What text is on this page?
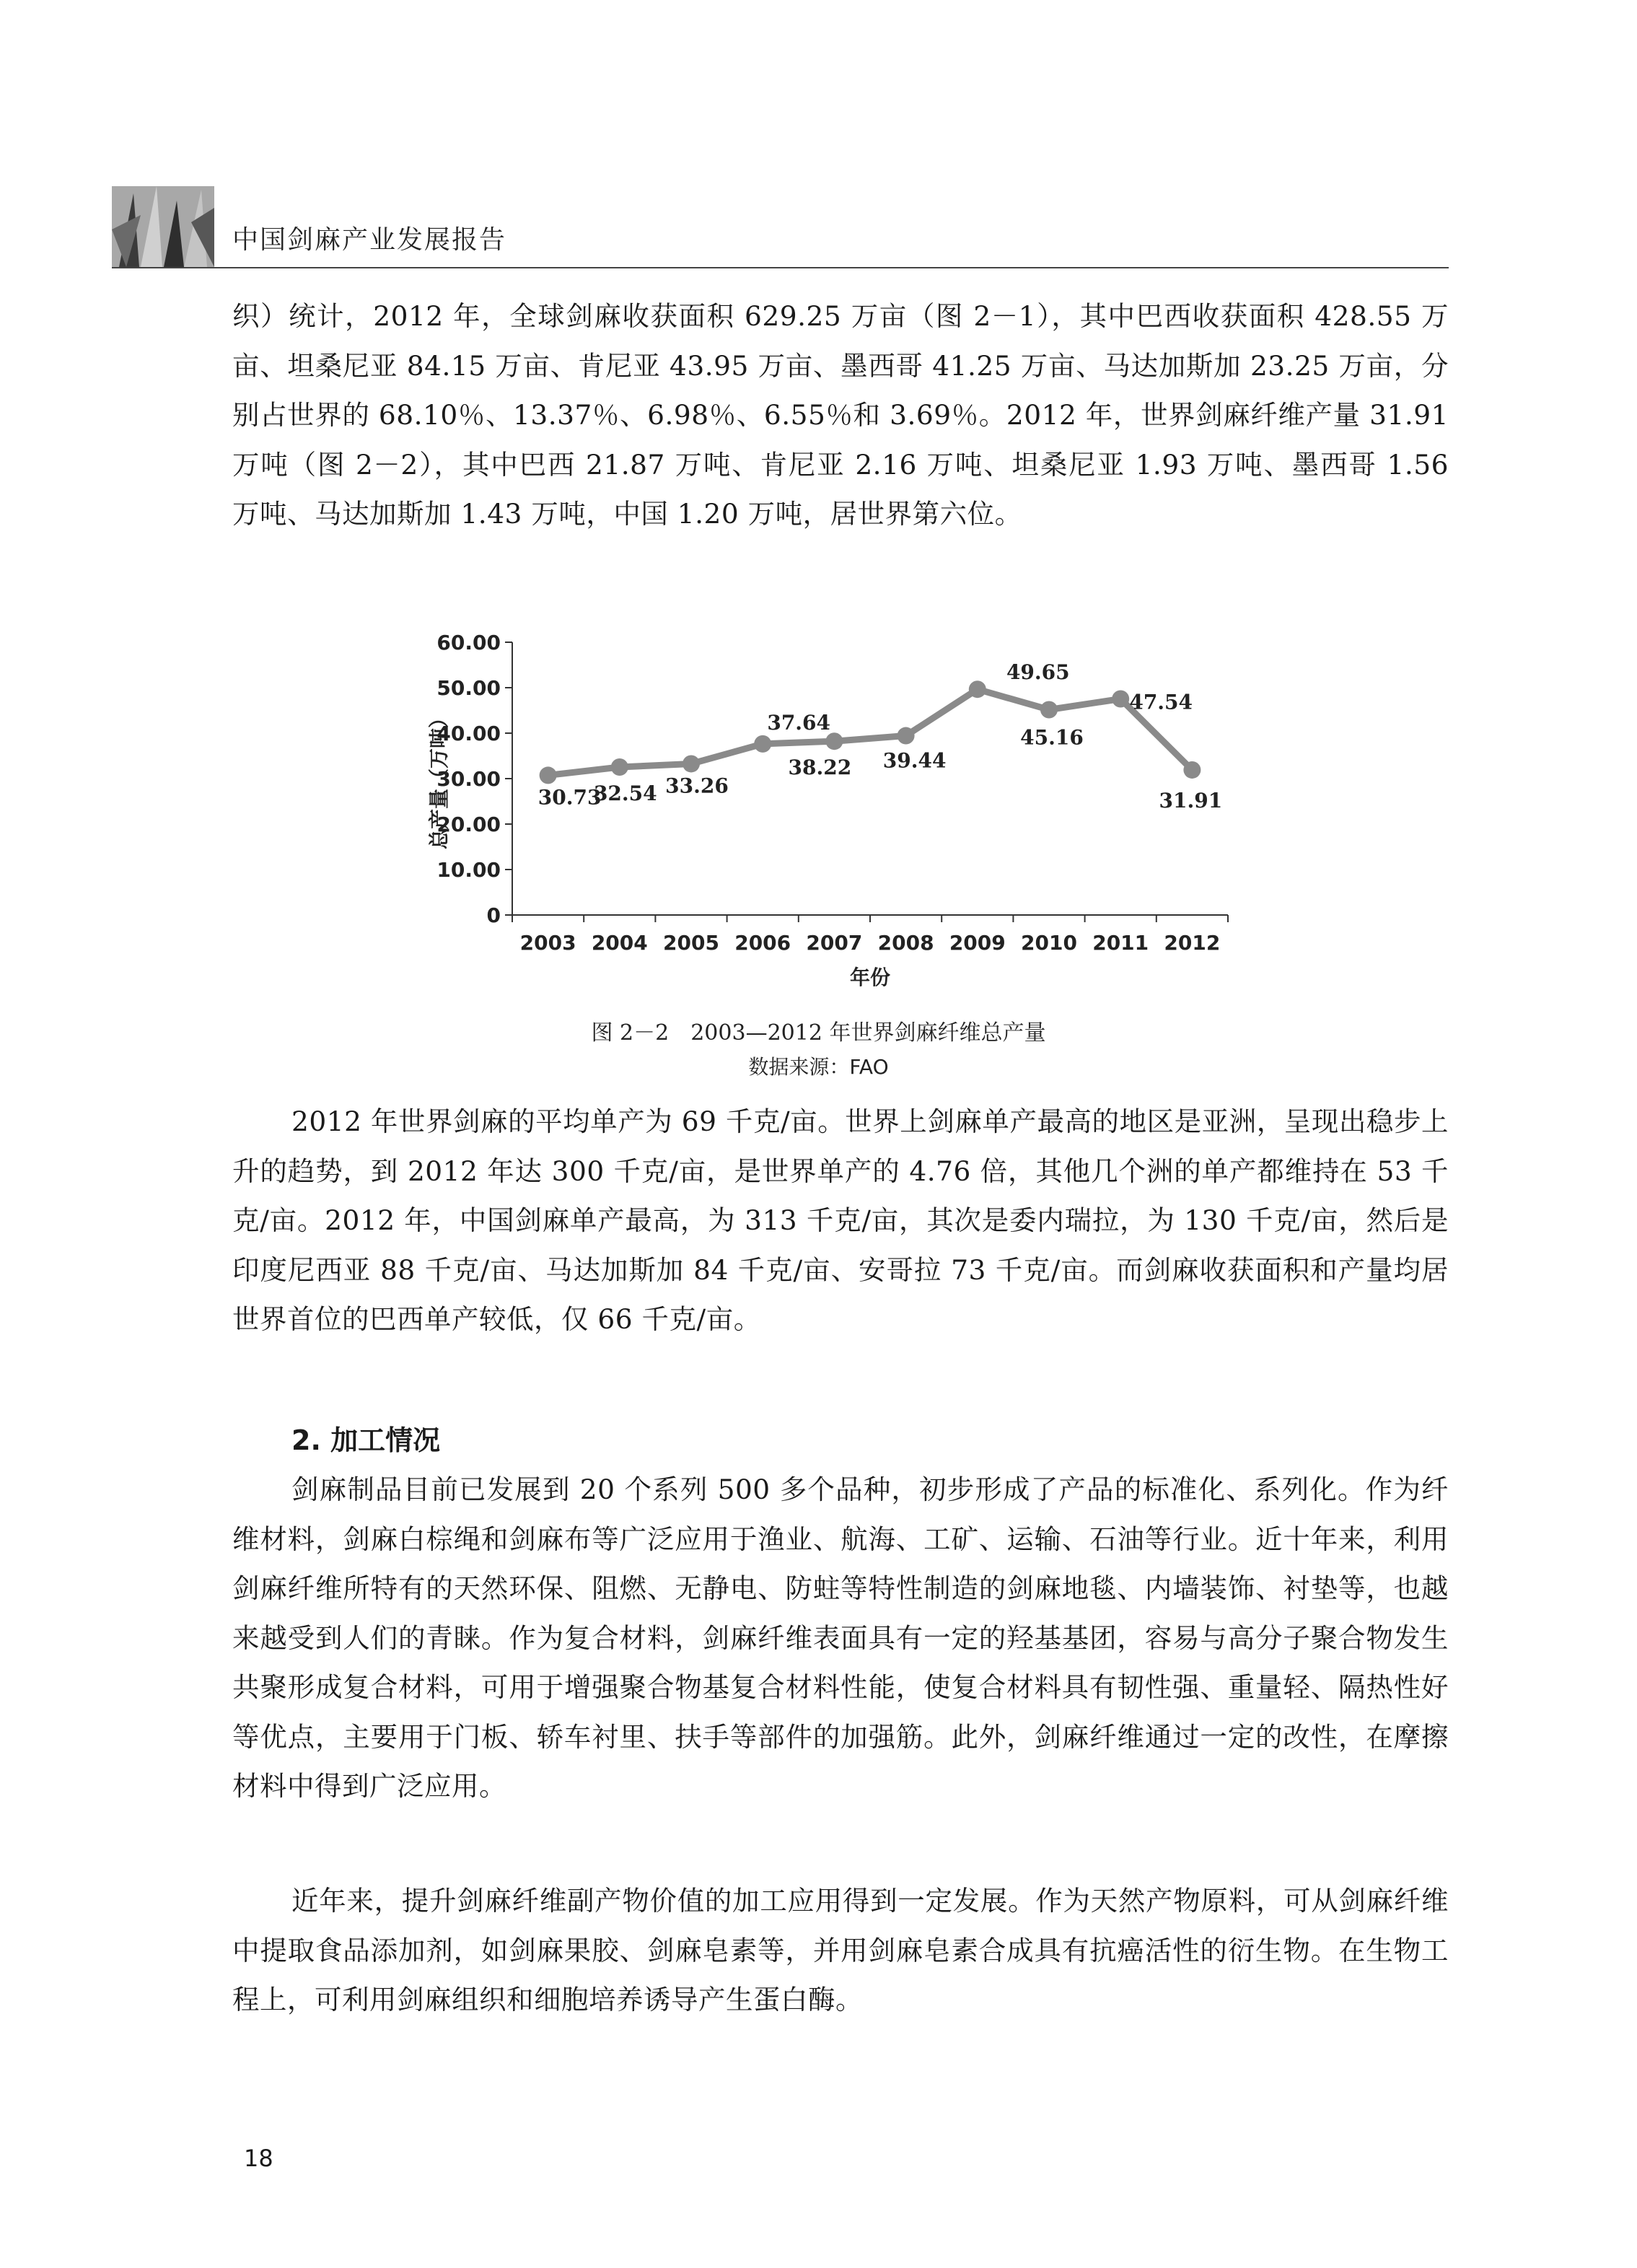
中国剑麻产业发展报告
织）统计，2012 年，全球剑麻收获面积 629.25 万亩（图 2－1），其中巴西收获面积 428.55 万亩、坦桑尼亚 84.15 万亩、肯尼亚 43.95 万亩、墨西哥 41.25 万亩、马达加斯加 23.25 万亩，分别占世界的 68.10％、13.37％、6.98％、6.55％和 3.69％。2012 年，世界剑麻纤维产量 31.91 万吨（图 2－2），其中巴西 21.87 万吨、肯尼亚 2.16 万吨、坦桑尼亚 1.93 万吨、墨西哥 1.56 万吨、马达加斯加 1.43 万吨，中国 1.20 万吨，居世界第六位。
0
10.00
20.00
30.00
40.00
50.00
60.00
2003 2004 2005 2006 2007 2008 2009 2010 2011 2012
年份
总产量（万吨）	30.73
32.54 33.26
37.64
38.22 39.44
49.65
45.16
47.54
31.91
图 2－2　2003—2012 年世界剑麻纤维总产量
数据来源：FAO
2012 年世界剑麻的平均单产为 69 千克/亩。世界上剑麻单产最高的地区是亚洲，呈现出稳步上升的趋势，到 2012 年达 300 千克/亩，是世界单产的 4.76 倍，其他几个洲的单产都维持在 53 千克/亩。2012 年，中国剑麻单产最高，为 313 千克/亩，其次是委内瑞拉，为 130 千克/亩，然后是印度尼西亚 88 千克/亩、马达加斯加 84 千克/亩、安哥拉 73 千克/亩。而剑麻收获面积和产量均居世界首位的巴西单产较低，仅 66 千克/亩。
2. 加工情况
剑麻制品目前已发展到 20 个系列 500 多个品种，初步形成了产品的标准化、系列化。作为纤维材料，剑麻白棕绳和剑麻布等广泛应用于渔业、航海、工矿、运输、石油等行业。近十年来，利用剑麻纤维所特有的天然环保、阻燃、无静电、防蛀等特性制造的剑麻地毯、内墙装饰、衬垫等，也越来越受到人们的青睐。作为复合材料，剑麻纤维表面具有一定的羟基基团，容易与高分子聚合物发生共聚形成复合材料，可用于增强聚合物基复合材料性能，使复合材料具有韧性强、重量轻、隔热性好等优点，主要用于门板、轿车衬里、扶手等部件的加强筋。此外，剑麻纤维通过一定的改性，在摩擦材料中得到广泛应用。
近年来，提升剑麻纤维副产物价值的加工应用得到一定发展。作为天然产物原料，可从剑麻纤维中提取食品添加剂，如剑麻果胶、剑麻皂素等，并用剑麻皂素合成具有抗癌活性的衍生物。在生物工程上，可利用剑麻组织和细胞培养诱导产生蛋白酶。
18
